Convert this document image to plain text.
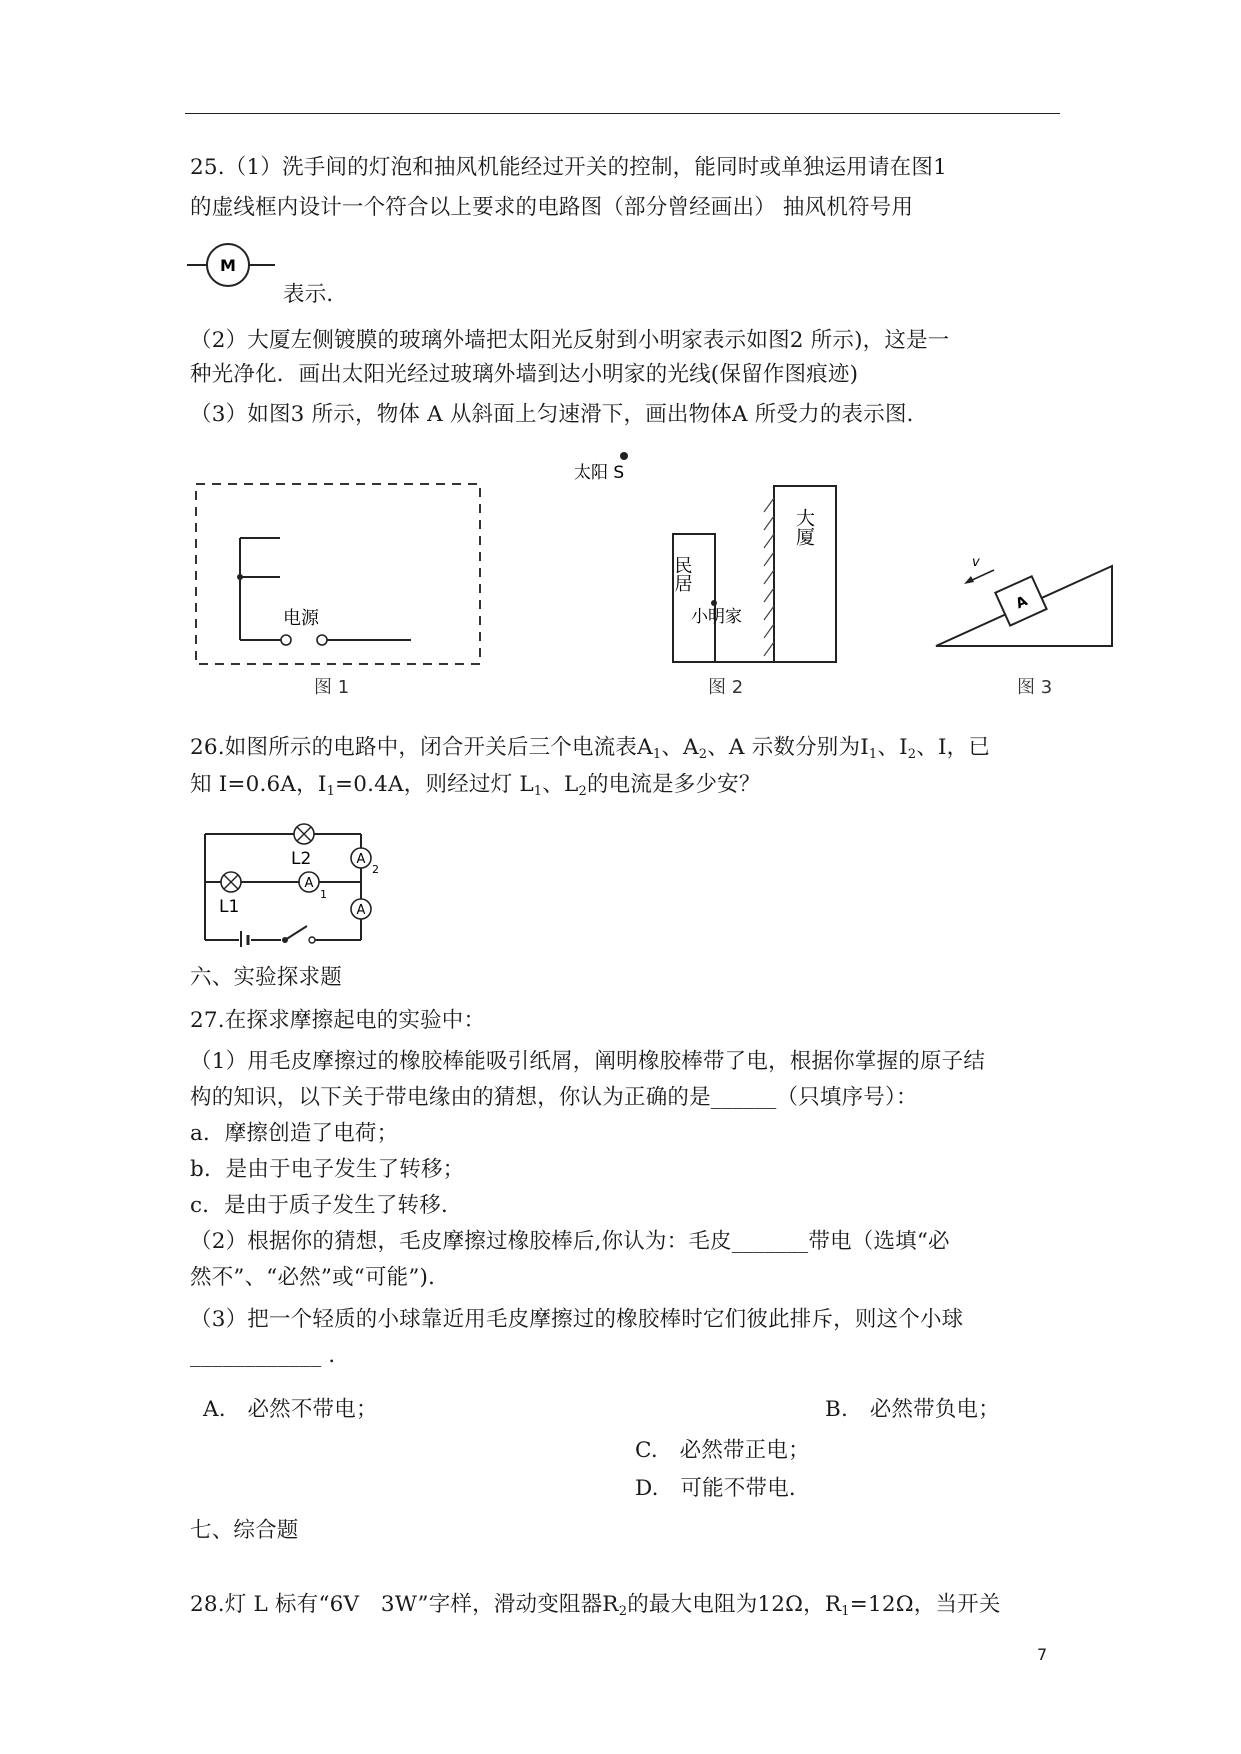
25.（1）洗手间的灯泡和抽风机能经过开关的控制，能同时或单独运用请在图1
的虚线框内设计一个符合以上要求的电路图（部分曾经画出） 抽风机符号用
M
表示．
（2）大厦左侧镀膜的玻璃外墙把太阳光反射到小明家表示如图2 所示)，这是一
种光净化．画出太阳光经过玻璃外墙到达小明家的光线(保留作图痕迹)
（3）如图3 所示，物体 A 从斜面上匀速滑下，画出物体A 所受力的表示图．
电源
图 1
太阳 S
民居
小明家
大厦
图 2
A
v
图 3
26.如图所示的电路中，闭合开关后三个电流表$A_1$、$A_2$、A 示数分别为$I_1$、$I_2$、I，已
知 I=0.6A，$I_1=0.4A$，则经过灯 $L_1$、$L_2$的电流是多少安？
L2
L1
A
1
A
2
A
六、实验探求题
27.在探求摩擦起电的实验中：
（1）用毛皮摩擦过的橡胶棒能吸引纸屑，阐明橡胶棒带了电，根据你掌握的原子结
构的知识，以下关于带电缘由的猜想，你认为正确的是______（只填序号）：
a．摩擦创造了电荷；
b．是由于电子发生了转移；
c．是由于质子发生了转移．
（2）根据你的猜想，毛皮摩擦过橡胶棒后,你认为：毛皮_______带电（选填“必
然不”、“必然”或“可能”)．
（3）把一个轻质的小球靠近用毛皮摩擦过的橡胶棒时它们彼此排斥，则这个小球
____________ ．
A.　必然不带电；	B.　必然带负电；
C.　必然带正电；
D.　可能不带电．
七、综合题
28.灯 L 标有“6V　3W”字样，滑动变阻器$R_2$的最大电阻为12Ω，$R_1=12\Omega$，当开关
7
